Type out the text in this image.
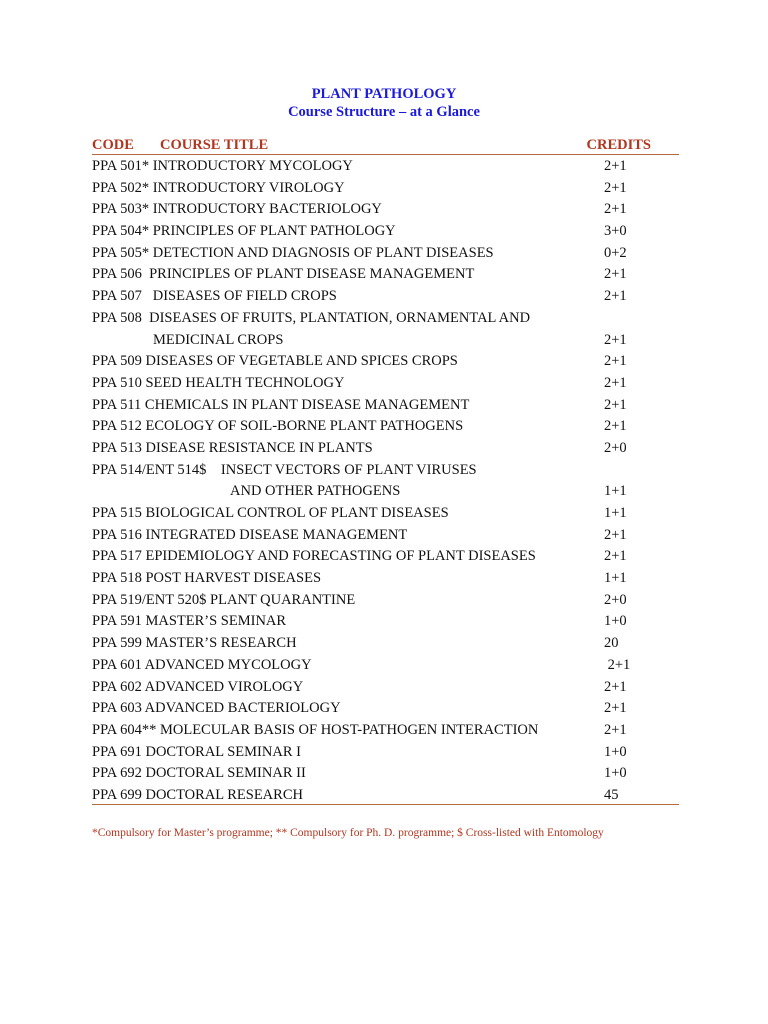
PLANT PATHOLOGY
Course Structure – at a Glance
CODE COURSE TITLE	CREDITS
PPA 501* INTRODUCTORY MYCOLOGY	2+1
PPA 502* INTRODUCTORY VIROLOGY	2+1
PPA 503* INTRODUCTORY BACTERIOLOGY	2+1
PPA 504* PRINCIPLES OF PLANT PATHOLOGY	3+0
PPA 505* DETECTION AND DIAGNOSIS OF PLANT DISEASES	0+2
PPA 506  PRINCIPLES OF PLANT DISEASE MANAGEMENT	2+1
PPA 507   DISEASES OF FIELD CROPS	2+1
PPA 508  DISEASES OF FRUITS, PLANTATION, ORNAMENTAL AND
MEDICINAL CROPS	2+1
PPA 509 DISEASES OF VEGETABLE AND SPICES CROPS	2+1
PPA 510 SEED HEALTH TECHNOLOGY	2+1
PPA 511 CHEMICALS IN PLANT DISEASE MANAGEMENT	2+1
PPA 512 ECOLOGY OF SOIL-BORNE PLANT PATHOGENS	2+1
PPA 513 DISEASE RESISTANCE IN PLANTS	2+0
PPA 514/ENT 514$    INSECT VECTORS OF PLANT VIRUSES
AND OTHER PATHOGENS	1+1
PPA 515 BIOLOGICAL CONTROL OF PLANT DISEASES	1+1
PPA 516 INTEGRATED DISEASE MANAGEMENT	2+1
PPA 517 EPIDEMIOLOGY AND FORECASTING OF PLANT DISEASES	2+1
PPA 518 POST HARVEST DISEASES	1+1
PPA 519/ENT 520$ PLANT QUARANTINE	2+0
PPA 591 MASTER’S SEMINAR	1+0
PPA 599 MASTER’S RESEARCH	20
PPA 601 ADVANCED MYCOLOGY	2+1
PPA 602 ADVANCED VIROLOGY	2+1
PPA 603 ADVANCED BACTERIOLOGY	2+1
PPA 604** MOLECULAR BASIS OF HOST-PATHOGEN INTERACTION	2+1
PPA 691 DOCTORAL SEMINAR I	1+0
PPA 692 DOCTORAL SEMINAR II	1+0
PPA 699 DOCTORAL RESEARCH	45
*Compulsory for Master’s programme; ** Compulsory for Ph. D. programme; $ Cross-listed with Entomology
